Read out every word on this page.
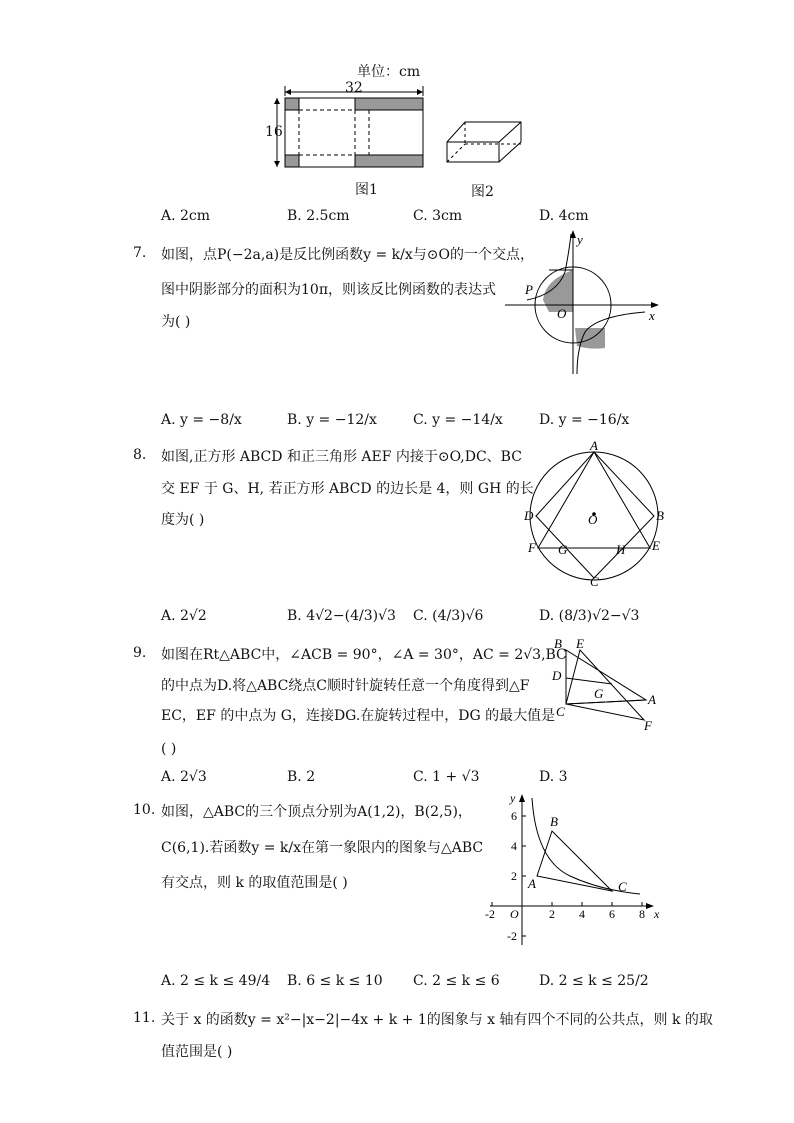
单位：cm
32
16
图1	图2
A. 2cm	B. 2.5cm	C. 3cm	D. 4cm
7. 如图，点P(−2a,a)是反比例函数y = k/x与⊙O的一个交点，
图中阴影部分的面积为10π，则该反比例函数的表达式
为( )
y
x
O
P
A. y = −8/x	B. y = −12/x	C. y = −14/x	D. y = −16/x
8. 如图,正方形 ABCD 和正三角形 AEF 内接于⊙O,DC、BC
交 EF 于 G、H, 若正方形 ABCD 的边长是 4，则 GH 的长
度为( )
A
B
C
D
E
F G	H
O
A. 2√2	B. 4√2−(4/3)√3 C. (4/3)√6	D. (8/3)√2−√3
9. 如图在Rt△ABC中，∠ACB = 90°，∠A = 30°，AC = 2√3,BC
的中点为D.将△ABC绕点C顺时针旋转任意一个角度得到△F
EC，EF 的中点为 G，连接DG.在旋转过程中，DG 的最大值是
( )
B E
D
G	A
C
F
A. 2√3	B. 2	C. 1 + √3	D. 3
10. 如图，△ABC的三个顶点分别为A(1,2)，B(2,5)，
C(6,1).若函数y = k/x在第一象限内的图象与△ABC
有交点，则 k 的取值范围是( )
y
x
O
-2	2 4 6 8
6
4
2
-2
A
B
C
A. 2 ≤ k ≤ 49/4 B. 6 ≤ k ≤ 10 C. 2 ≤ k ≤ 6	D. 2 ≤ k ≤ 25/2
11. 关于 x 的函数y = x²−|x−2|−4x + k + 1的图象与 x 轴有四个不同的公共点，则 k 的取
值范围是( )
